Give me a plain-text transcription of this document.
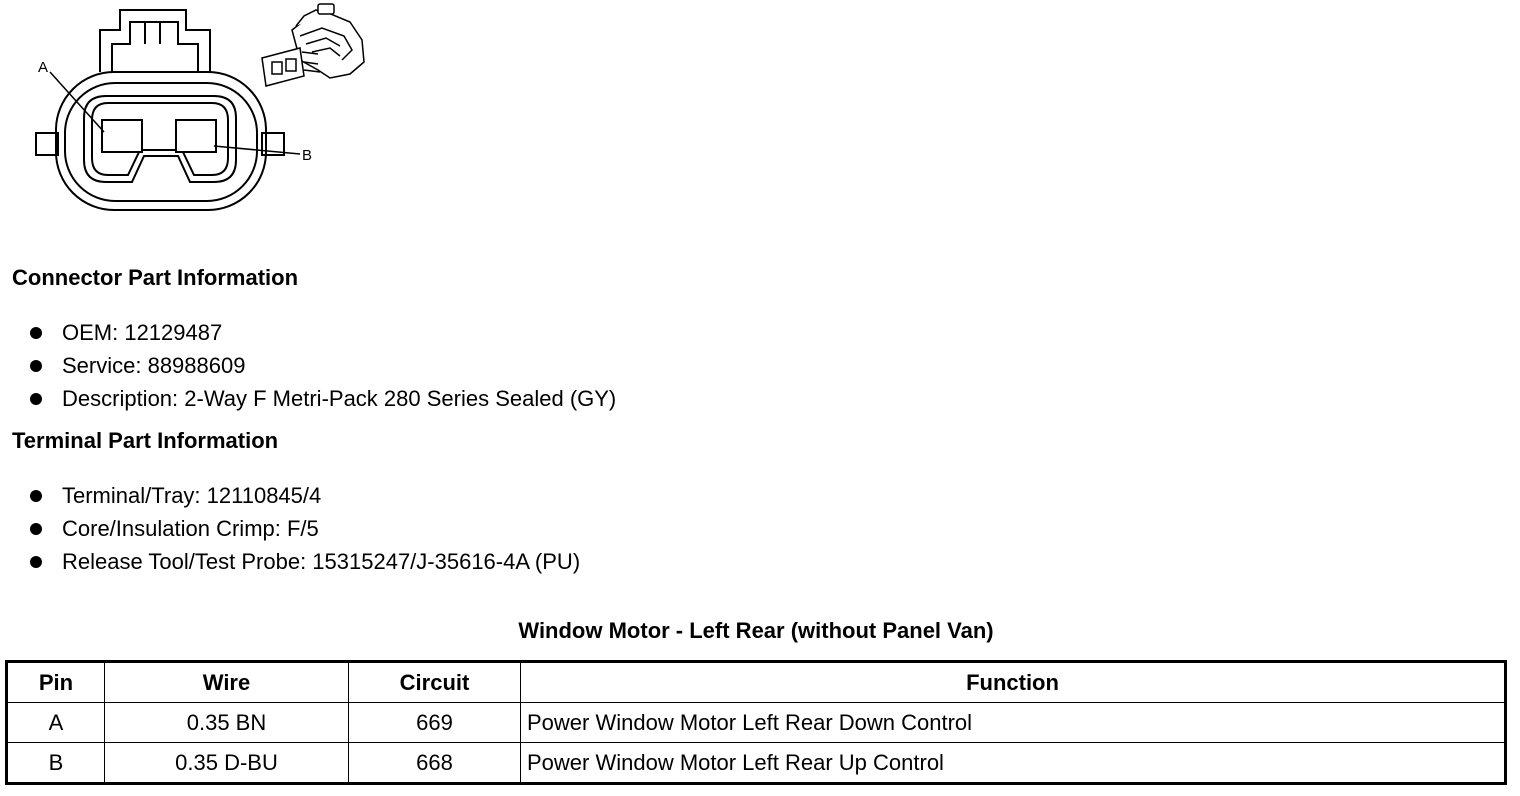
A
B
Connector Part Information
OEM: 12129487
Service: 88988609
Description: 2-Way F Metri-Pack 280 Series Sealed (GY)
Terminal Part Information
Terminal/Tray: 12110845/4
Core/Insulation Crimp: F/5
Release Tool/Test Probe: 15315247/J-35616-4A (PU)
Window Motor - Left Rear (without Panel Van)
Pin	Wire	Circuit	Function
A	0.35 BN	669	Power Window Motor Left Rear Down Control
B	0.35 D-BU	668	Power Window Motor Left Rear Up Control
